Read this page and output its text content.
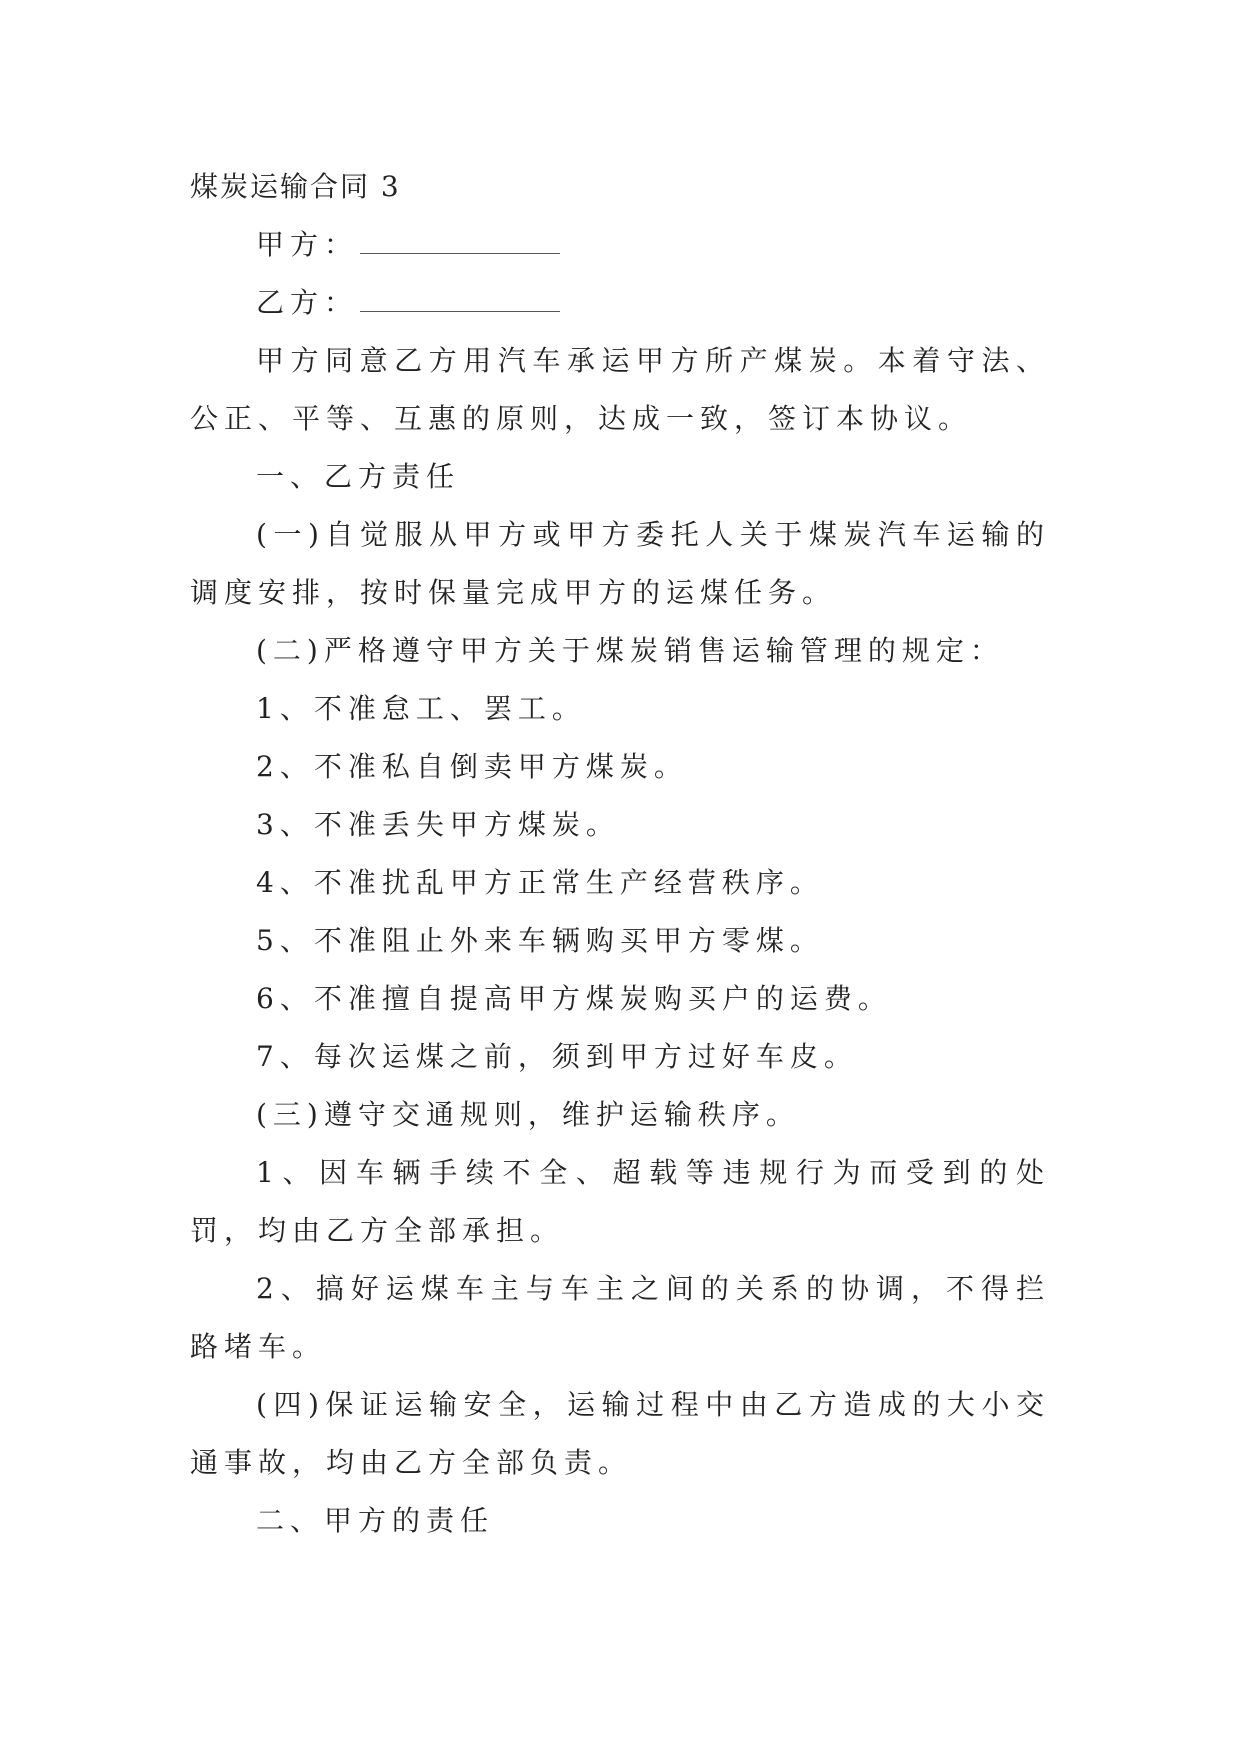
煤炭运输合同 3

甲方：

乙方：

甲方同意乙方用汽车承运甲方所产煤炭。本着守法、公正、平等、互惠的原则，达成一致，签订本协议。

一、乙方责任

(一)自觉服从甲方或甲方委托人关于煤炭汽车运输的调度安排，按时保量完成甲方的运煤任务。

(二)严格遵守甲方关于煤炭销售运输管理的规定：

1、不准怠工、罢工。

2、不准私自倒卖甲方煤炭。

3、不准丢失甲方煤炭。

4、不准扰乱甲方正常生产经营秩序。

5、不准阻止外来车辆购买甲方零煤。

6、不准擅自提高甲方煤炭购买户的运费。

7、每次运煤之前，须到甲方过好车皮。

(三)遵守交通规则，维护运输秩序。

1、因车辆手续不全、超载等违规行为而受到的处罚，均由乙方全部承担。

2、搞好运煤车主与车主之间的关系的协调，不得拦路堵车。

(四)保证运输安全，运输过程中由乙方造成的大小交通事故，均由乙方全部负责。

二、甲方的责任
